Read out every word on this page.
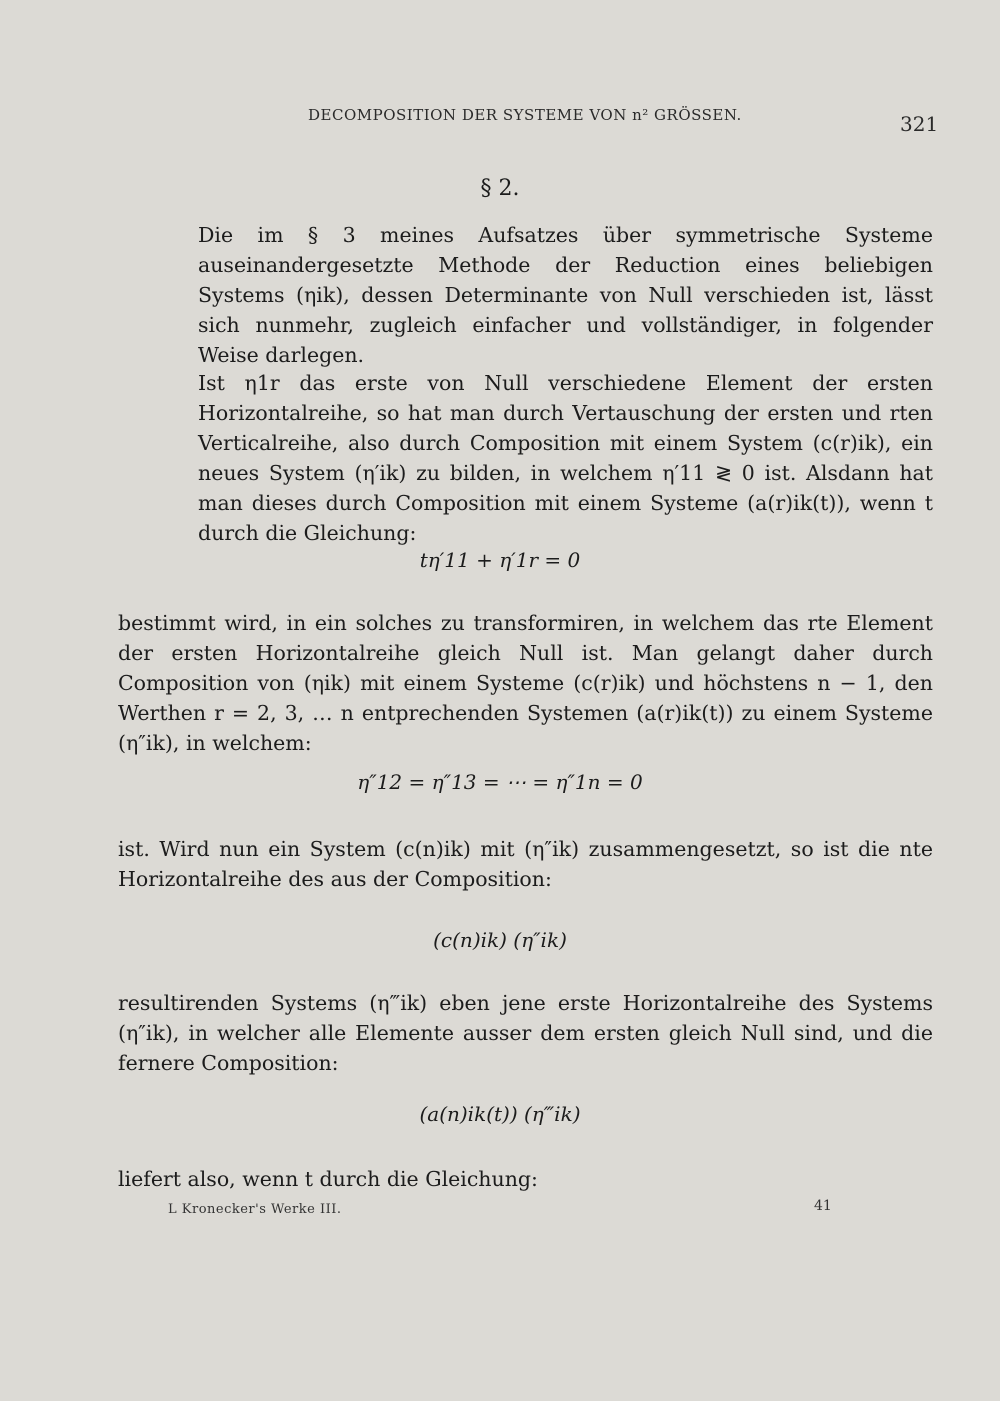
DECOMPOSITION DER SYSTEME VON n² GRÖSSEN.	321
§ 2.
Die im § 3 meines Aufsatzes über symmetrische Systeme auseinandergesetzte Methode der Reduction eines beliebigen Systems (ηik), dessen Determinante von Null verschieden ist, lässt sich nunmehr, zugleich einfacher und vollständiger, in folgender Weise darlegen.
Ist η1r das erste von Null verschiedene Element der ersten Horizontalreihe, so hat man durch Vertauschung der ersten und rten Verticalreihe, also durch Composition mit einem System (c(r)ik), ein neues System (η′ik) zu bilden, in welchem η′11 ≷ 0 ist. Alsdann hat man dieses durch Composition mit einem Systeme (a(r)ik(t)), wenn t durch die Gleichung:
tη′11 + η′1r = 0
bestimmt wird, in ein solches zu transformiren, in welchem das rte Element der ersten Horizontalreihe gleich Null ist. Man gelangt daher durch Composition von (ηik) mit einem Systeme (c(r)ik) und höchstens n − 1, den Werthen r = 2, 3, … n entprechenden Systemen (a(r)ik(t)) zu einem Systeme (η″ik), in welchem:
η″12 = η″13 = ⋯ = η″1n = 0
ist. Wird nun ein System (c(n)ik) mit (η″ik) zusammengesetzt, so ist die nte Horizontalreihe des aus der Composition:
(c(n)ik) (η″ik)
resultirenden Systems (η‴ik) eben jene erste Horizontalreihe des Systems (η″ik), in welcher alle Elemente ausser dem ersten gleich Null sind, und die fernere Composition:
(a(n)ik(t)) (η‴ik)
liefert also, wenn t durch die Gleichung:
L Kronecker's Werke III.	41
